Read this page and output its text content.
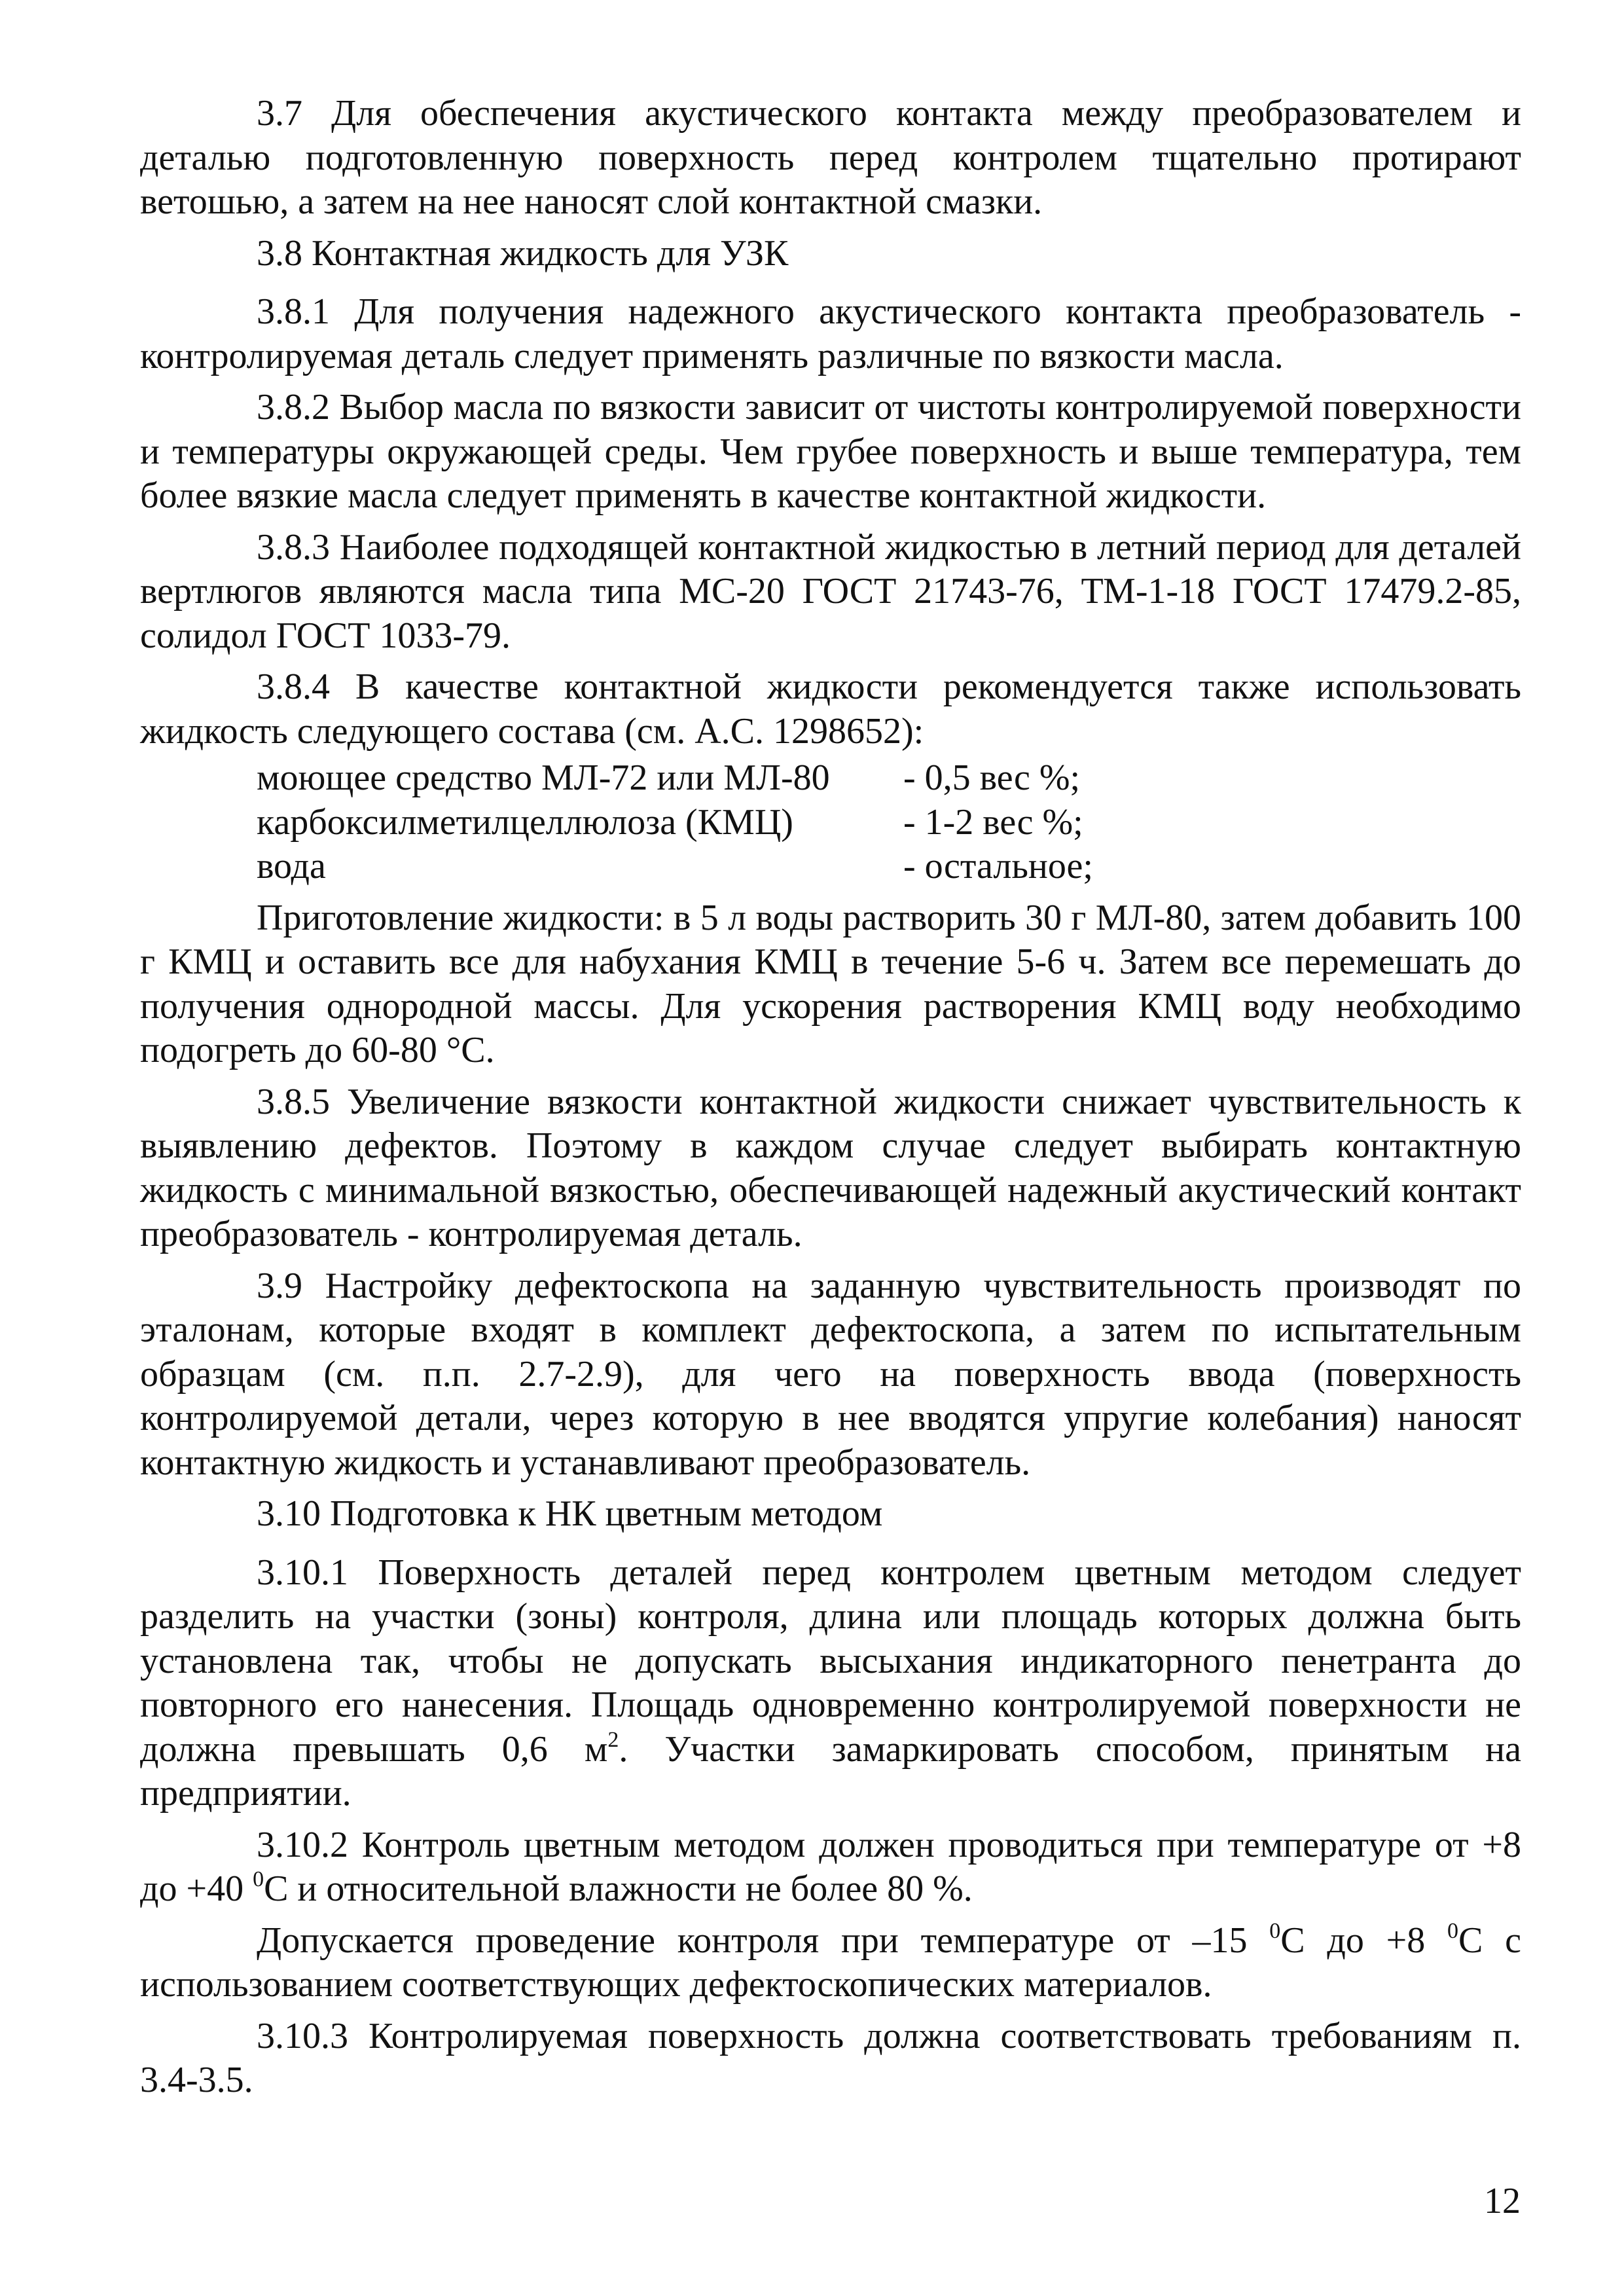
3.7 Для обеспечения акустического контакта между преобразователем и деталью подготовленную поверхность перед контролем тщательно протирают ветошью, а затем на нее наносят слой контактной смазки.

3.8 Контактная жидкость для УЗК

3.8.1 Для получения надежного акустического контакта преобразователь - контролируемая деталь следует применять различные по вязкости масла.

3.8.2 Выбор масла по вязкости зависит от чистоты контролируемой поверхности и температуры окружающей среды. Чем грубее поверхность и выше температура, тем более вязкие масла следует применять в качестве контактной жидкости.

3.8.3 Наиболее подходящей контактной жидкостью в летний период для деталей вертлюгов являются масла типа МС-20 ГОСТ 21743-76, ТМ-1-18 ГОСТ 17479.2-85, солидол ГОСТ 1033-79.

3.8.4 В качестве контактной жидкости рекомендуется также использовать жидкость следующего состава (см. А.С. 1298652):

моющее средство МЛ-72 или МЛ-80	- 0,5 вес %;
карбоксилметилцеллюлоза (КМЦ)	- 1-2 вес %;
вода	- остальное;

Приготовление жидкости: в 5 л воды растворить 30 г МЛ-80, затем добавить 100 г КМЦ и оставить все для набухания КМЦ в течение 5-6 ч. Затем все перемешать до получения однородной массы. Для ускорения растворения КМЦ воду необходимо подогреть до 60-80 °С.

3.8.5 Увеличение вязкости контактной жидкости снижает чувствительность к выявлению дефектов. Поэтому в каждом случае следует выбирать контактную жидкость с минимальной вязкостью, обеспечивающей надежный акустический контакт преобразователь - контролируемая деталь.

3.9 Настройку дефектоскопа на заданную чувствительность производят по эталонам, которые входят в комплект дефектоскопа, а затем по испытательным образцам (см. п.п. 2.7-2.9), для чего на поверхность ввода (поверхность контролируемой детали, через которую в нее вводятся упругие колебания) наносят контактную жидкость и устанавливают преобразователь.

3.10 Подготовка к НК цветным методом

3.10.1 Поверхность деталей перед контролем цветным методом следует разделить на участки (зоны) контроля, длина или площадь которых должна быть установлена так, чтобы не допускать высыхания индикаторного пенетранта до повторного его нанесения. Площадь одновременно контролируемой поверхности не должна превышать 0,6 $м^2$. Участки замаркировать способом, принятым на предприятии.

3.10.2 Контроль цветным методом должен проводиться при температуре от +8 до +40 $^0$С и относительной влажности не более 80 %.

Допускается проведение контроля при температуре от –15 $^0$С до +8 $^0$С с использованием соответствующих дефектоскопических материалов.

3.10.3 Контролируемая поверхность должна соответствовать требованиям п. 3.4-3.5.

12
